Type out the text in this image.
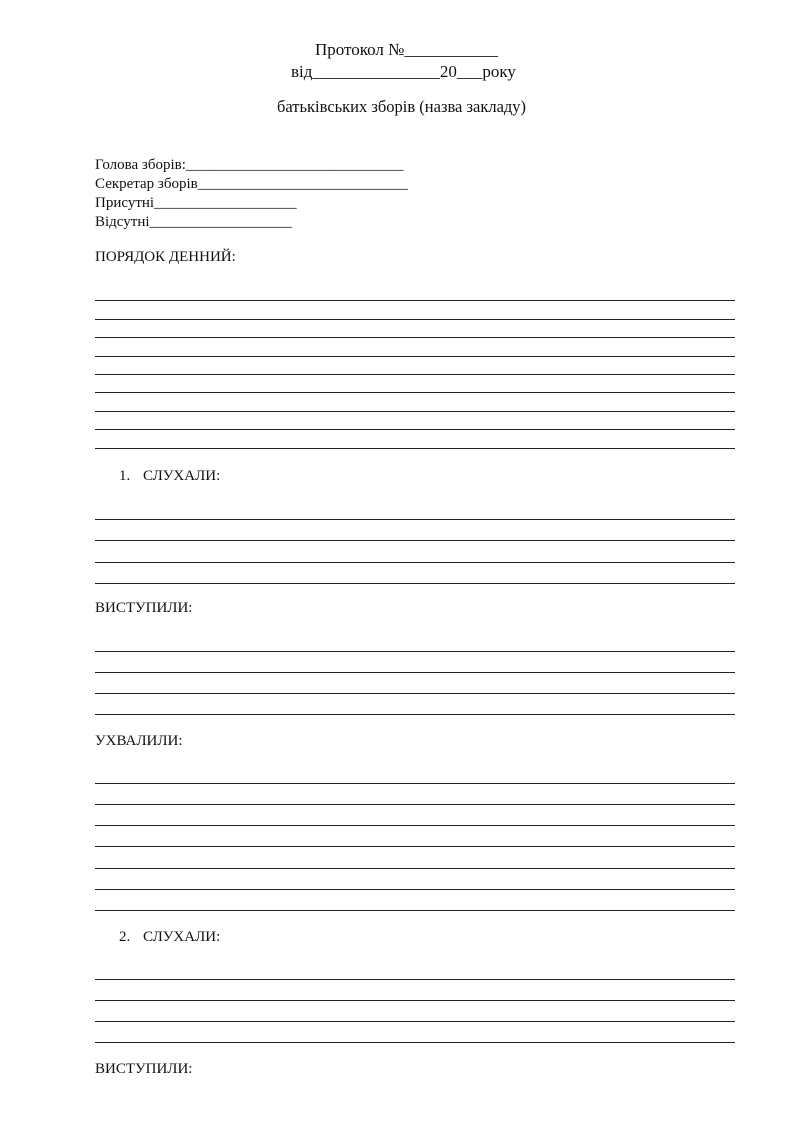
Протокол №___________
від_______________20___року
батьківських зборів (назва закладу)
Голова зборів:_____________________________
Секретар зборів____________________________
Присутні___________________
Відсутні___________________
ПОРЯДОК ДЕННИЙ:
1. СЛУХАЛИ:
ВИСТУПИЛИ:
УХВАЛИЛИ:
2. СЛУХАЛИ:
ВИСТУПИЛИ:
